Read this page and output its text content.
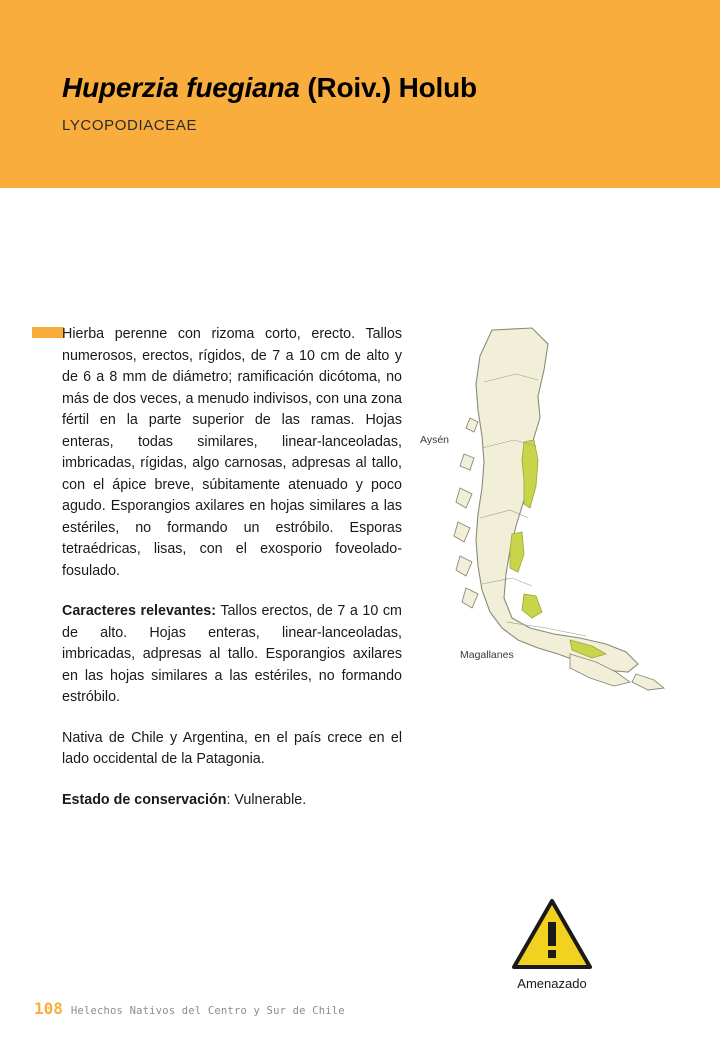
Huperzia fuegiana (Roiv.) Holub
LYCOPODIACEAE

Hierba perenne con rizoma corto, erecto. Tallos numerosos, erectos, rígidos, de 7 a 10 cm de alto y de 6 a 8 mm de diámetro; ramificación dicótoma, no más de dos veces, a menudo indivisos, con una zona fértil en la parte superior de las ramas. Hojas enteras, todas similares, linear-lanceoladas, imbricadas, rígidas, algo carnosas, adpresas al tallo, con el ápice breve, súbitamente atenuado y poco agudo. Esporangios axilares en hojas similares a las estériles, no formando un estróbilo. Esporas tetraédricas, lisas, con el exosporio foveolado-fosulado.

Caracteres relevantes: Tallos erectos, de 7 a 10 cm de alto. Hojas enteras, linear-lanceoladas, imbricadas, adpresas al tallo. Esporangios axilares en las hojas similares a las estériles, no formando estróbilo.

Nativa de Chile y Argentina, en el país crece en el lado occidental de la Patagonia.

Estado de conservación: Vulnerable.

Aysén
Magallanes
Amenazado
108 Helechos Nativos del Centro y Sur de Chile
